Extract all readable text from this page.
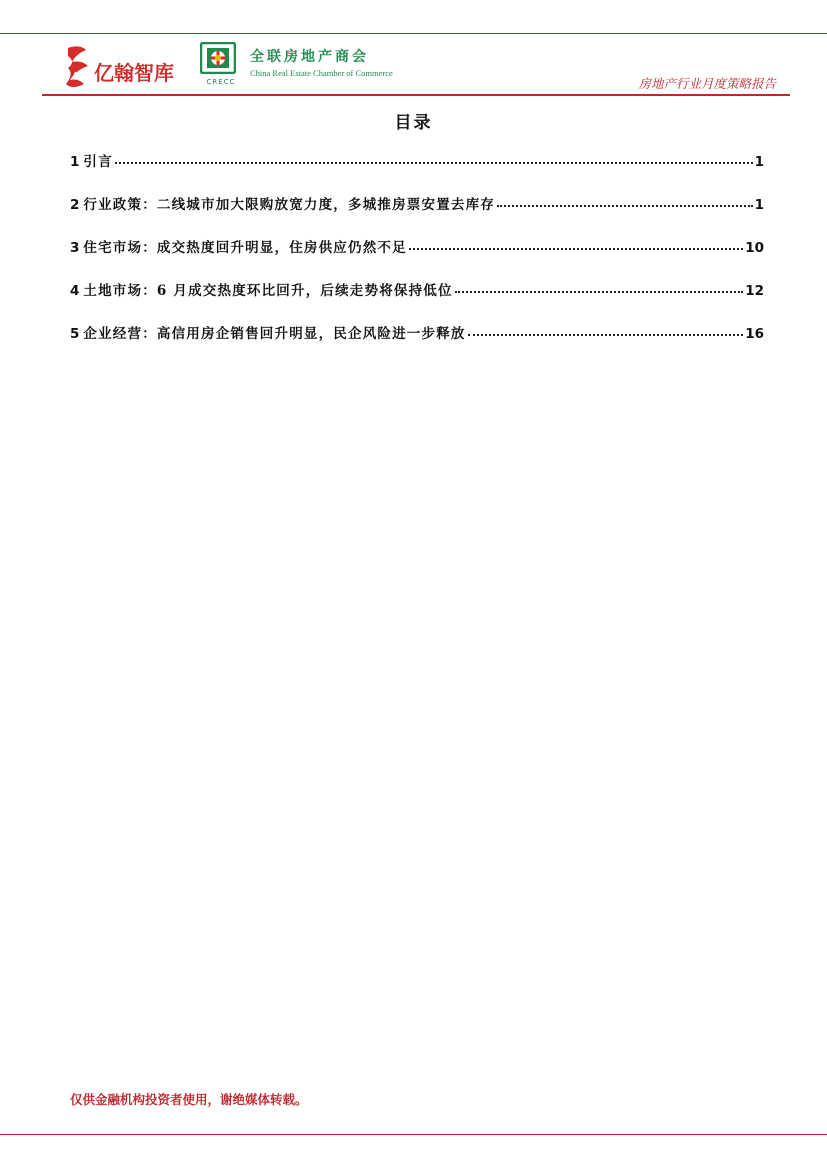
亿翰智库	CRECC
全联房地产商会
China Real Estate Chamber of Commerce
房地产行业月度策略报告
目录
1 引言	1
2 行业政策：二线城市加大限购放宽力度，多城推房票安置去库存	1
3 住宅市场：成交热度回升明显，住房供应仍然不足	10
4 土地市场：6 月成交热度环比回升，后续走势将保持低位	12
5 企业经营：高信用房企销售回升明显，民企风险进一步释放	16
仅供金融机构投资者使用，谢绝媒体转载。
